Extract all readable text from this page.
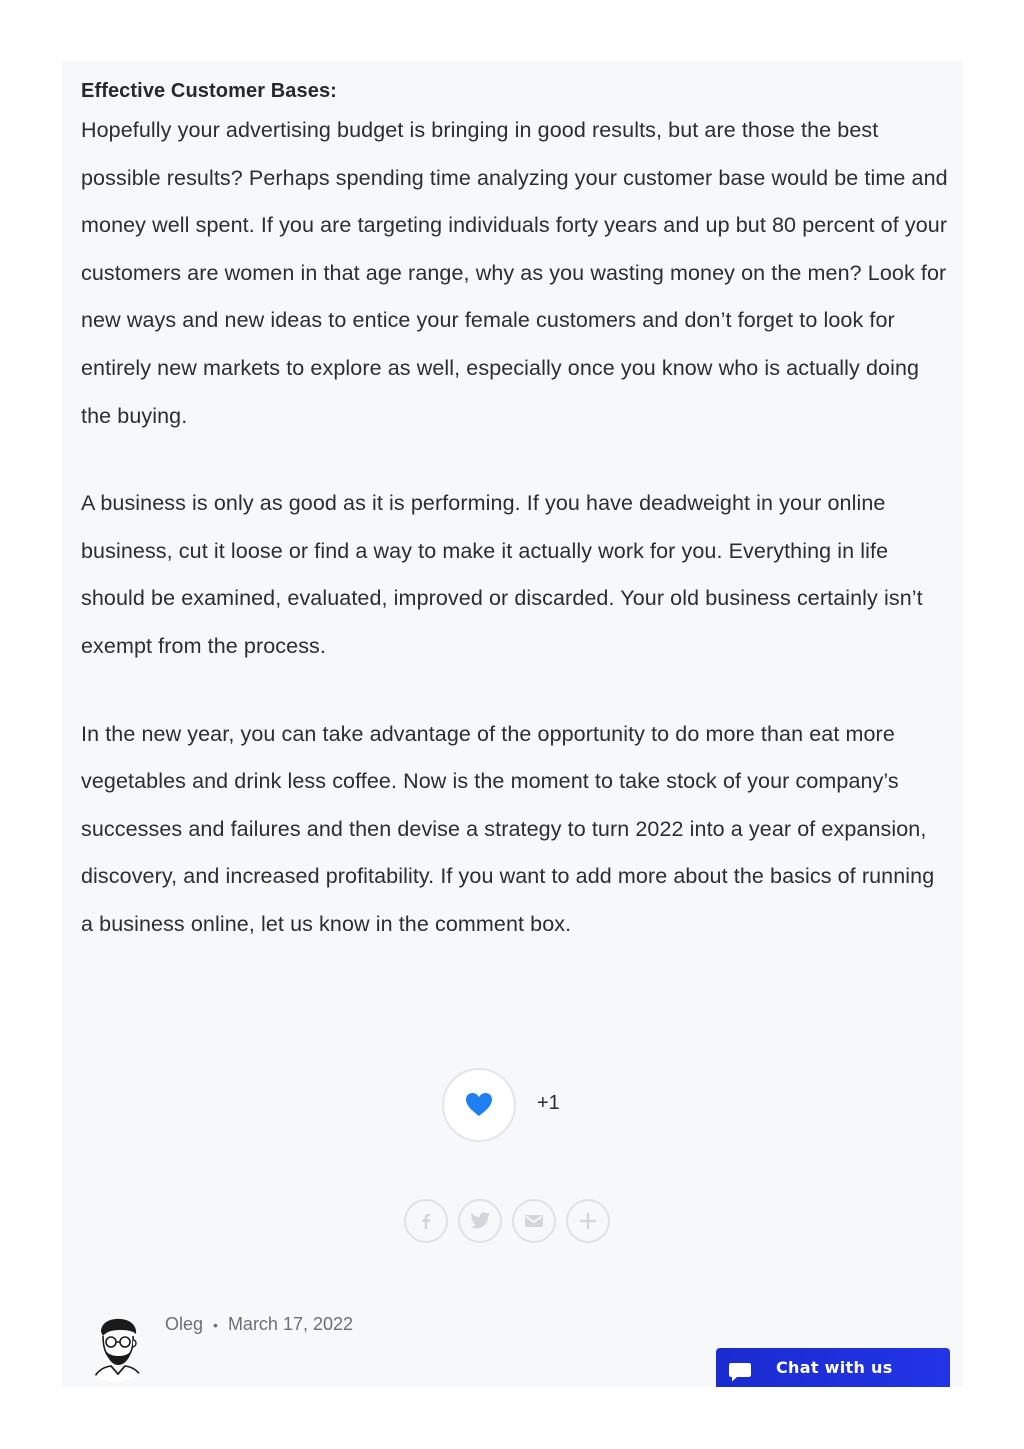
Effective Customer Bases:

Hopefully your advertising budget is bringing in good results, but are those the best possible results? Perhaps spending time analyzing your customer base would be time and money well spent. If you are targeting individuals forty years and up but 80 percent of your customers are women in that age range, why as you wasting money on the men? Look for new ways and new ideas to entice your female customers and don’t forget to look for entirely new markets to explore as well, especially once you know who is actually doing the buying.

A business is only as good as it is performing. If you have deadweight in your online business, cut it loose or find a way to make it actually work for you. Everything in life should be examined, evaluated, improved or discarded. Your old business certainly isn’t exempt from the process.

In the new year, you can take advantage of the opportunity to do more than eat more vegetables and drink less coffee. Now is the moment to take stock of your company’s successes and failures and then devise a strategy to turn 2022 into a year of expansion, discovery, and increased profitability. If you want to add more about the basics of running a business online, let us know in the comment box.

+1
Oleg • March 17, 2022
Chat with us
